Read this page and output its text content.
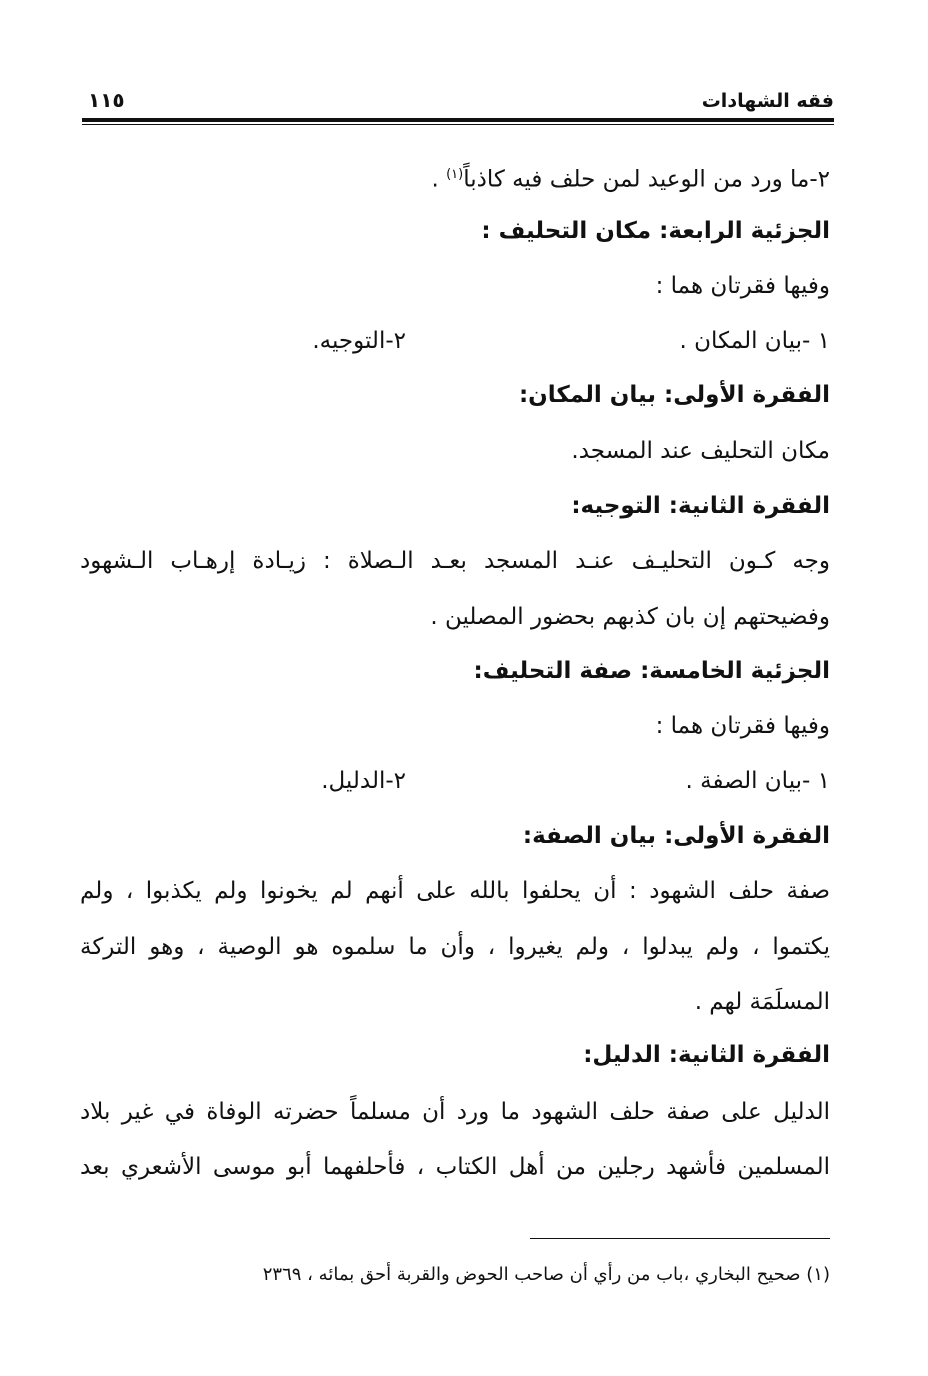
فقه الشهادات
١١٥
٢-ما ورد من الوعيد لمن حلف فيه كاذباً$^{(١)}$ .
الجزئية الرابعة: مكان التحليف :
وفيها فقرتان هما :
١ -بيان المكان .
٢-التوجيه.
الفقرة الأولى: بيان المكان:
مكان التحليف عند المسجد.
الفقرة الثانية: التوجيه:
وجه كـون التحليـف عنـد المسجد بعـد الـصلاة : زيـادة إرهـاب الـشهود
وفضيحتهم إن بان كذبهم بحضور المصلين .
الجزئية الخامسة: صفة التحليف:
وفيها فقرتان هما :
١ -بيان الصفة .
٢-الدليل.
الفقرة الأولى: بيان الصفة:
صفة حلف الشهود : أن يحلفوا بالله على أنهم لم يخونوا ولم يكذبوا ، ولم
يكتموا ، ولم يبدلوا ، ولم يغيروا ، وأن ما سلموه هو الوصية ، وهو التركة
المسلَمَة لهم .
الفقرة الثانية: الدليل:
الدليل على صفة حلف الشهود ما ورد أن مسلماً حضرته الوفاة في غير بلاد
المسلمين فأشهد رجلين من أهل الكتاب ، فأحلفهما أبو موسى الأشعري بعد
(١) صحيح البخاري ،باب من رأي أن صاحب الحوض والقربة أحق بمائه ، ٢٣٦٩
